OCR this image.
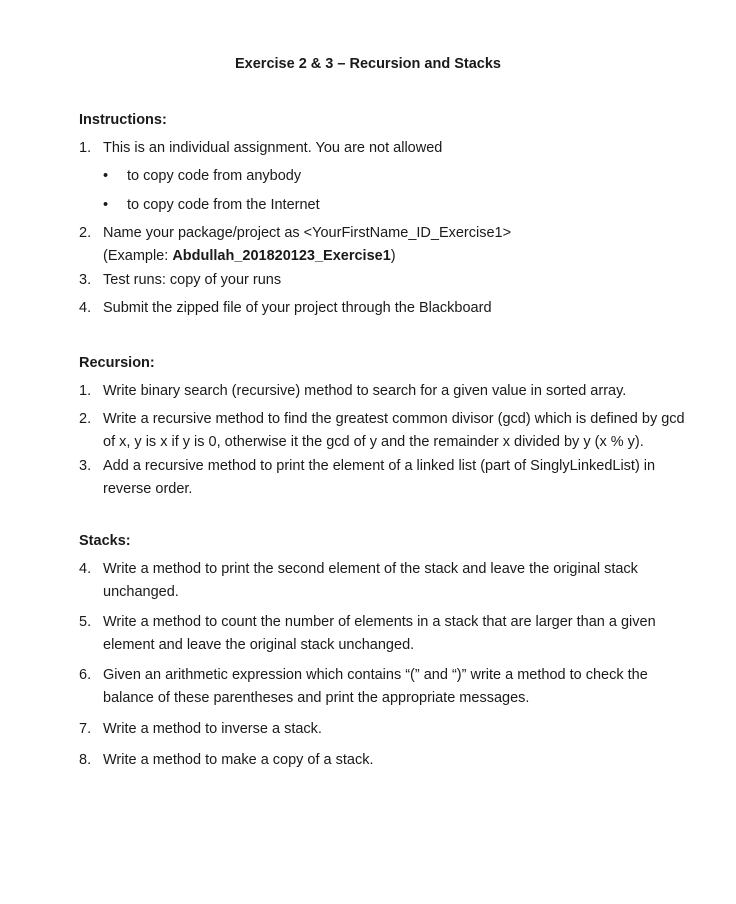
Exercise 2 & 3 – Recursion and Stacks
Instructions:
1. This is an individual assignment. You are not allowed
• to copy code from anybody
• to copy code from the Internet
2. Name your package/project as <YourFirstName_ID_Exercise1>
(Example: Abdullah_201820123_Exercise1)
3. Test runs: copy of your runs
4. Submit the zipped file of your project through the Blackboard
Recursion:
1. Write binary search (recursive) method to search for a given value in sorted array.
2. Write a recursive method to find the greatest common divisor (gcd) which is defined by gcd
of x, y is x if y is 0, otherwise it the gcd of y and the remainder x divided by y (x % y).
3. Add a recursive method to print the element of a linked list (part of SinglyLinkedList) in
reverse order.
Stacks:
4. Write a method to print the second element of the stack and leave the original stack
unchanged.
5. Write a method to count the number of elements in a stack that are larger than a given
element and leave the original stack unchanged.
6. Given an arithmetic expression which contains “(” and “)” write a method to check the
balance of these parentheses and print the appropriate messages.
7. Write a method to inverse a stack.
8. Write a method to make a copy of a stack.
